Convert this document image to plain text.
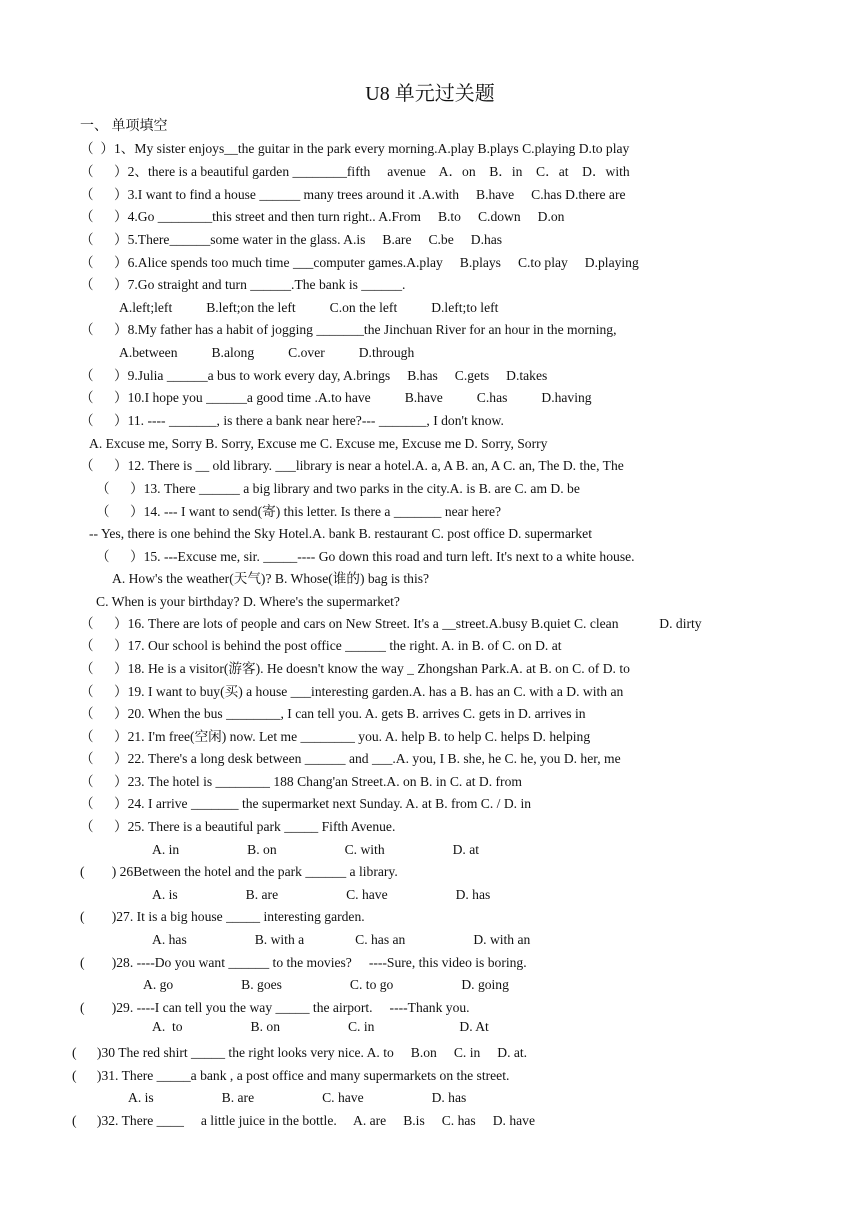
U8 单元过关题
一、 单项填空
（  ）1、My sister enjoys__the guitar in the park every morning.A.play B.plays C.playing D.to play
（      ）2、there is a beautiful garden ________fifth     avenue    A．on    B．in    C．at    D．with
（      ）3.I want to find a house ______ many trees around it .A.with     B.have     C.has D.there are
（      ）4.Go ________this street and then turn right.. A.From     B.to     C.down     D.on
（      ）5.There______some water in the glass. A.is     B.are     C.be     D.has
（      ）6.Alice spends too much time ___computer games.A.play     B.plays     C.to play     D.playing
（      ）7.Go straight and turn ______.The bank is ______.
A.left;left          B.left;on the left          C.on the left          D.left;to left
（      ）8.My father has a habit of jogging _______the Jinchuan River for an hour in the morning,
A.between          B.along          C.over          D.through
（      ）9.Julia ______a bus to work every day, A.brings     B.has     C.gets     D.takes
（      ）10.I hope you ______a good time .A.to have          B.have          C.has          D.having
（      ）11. ---- _______, is there a bank near here?--- _______, I don't know.
A. Excuse me, Sorry B. Sorry, Excuse me C. Excuse me, Excuse me D. Sorry, Sorry
（      ）12. There is __ old library. ___library is near a hotel.A. a, A B. an, A C. an, The D. the, The
（      ）13. There ______ a big library and two parks in the city.A. is B. are C. am D. be
（      ）14. --- I want to send(寄) this letter. Is there a _______ near here?
-- Yes, there is one behind the Sky Hotel.A. bank B. restaurant C. post office D. supermarket
（      ）15. ---Excuse me, sir. _____---- Go down this road and turn left. It's next to a white house.
A. How's the weather(天气)? B. Whose(谁的) bag is this?
C. When is your birthday? D. Where's the supermarket?
（      ）16. There are lots of people and cars on New Street. It's a __street.A.busy B.quiet C. clean            D. dirty
（      ）17. Our school is behind the post office ______ the right. A. in B. of C. on D. at
（      ）18. He is a visitor(游客). He doesn't know the way _ Zhongshan Park.A. at B. on C. of D. to
（      ）19. I want to buy(买) a house ___interesting garden.A. has a B. has an C. with a D. with an
（      ）20. When the bus ________, I can tell you. A. gets B. arrives C. gets in D. arrives in
（      ）21. I'm free(空闲) now. Let me ________ you. A. help B. to help C. helps D. helping
（      ）22. There's a long desk between ______ and ___.A. you, I B. she, he C. he, you D. her, me
（      ）23. The hotel is ________ 188 Chang'an Street.A. on B. in C. at D. from
（      ）24. I arrive _______ the supermarket next Sunday. A. at B. from C. / D. in
（      ）25. There is a beautiful park _____ Fifth Avenue.
A. in                    B. on                    C. with                    D. at
(        ) 26Between the hotel and the park ______ a library.
A. is                    B. are                    C. have                    D. has
(        )27. It is a big house _____ interesting garden.
A. has                    B. with a               C. has an                    D. with an
(        )28. ----Do you want ______ to the movies?     ----Sure, this video is boring.
A. go                    B. goes                    C. to go                    D. going
(        )29. ----I can tell you the way _____ the airport.     ----Thank you.
A.  to                    B. on                    C. in                         D. At
(      )30 The red shirt _____ the right looks very nice. A. to     B.on     C. in     D. at.
(      )31. There _____a bank , a post office and many supermarkets on the street.
A. is                    B. are                    C. have                    D. has
(      )32. There ____     a little juice in the bottle.     A. are     B.is     C. has     D. have
